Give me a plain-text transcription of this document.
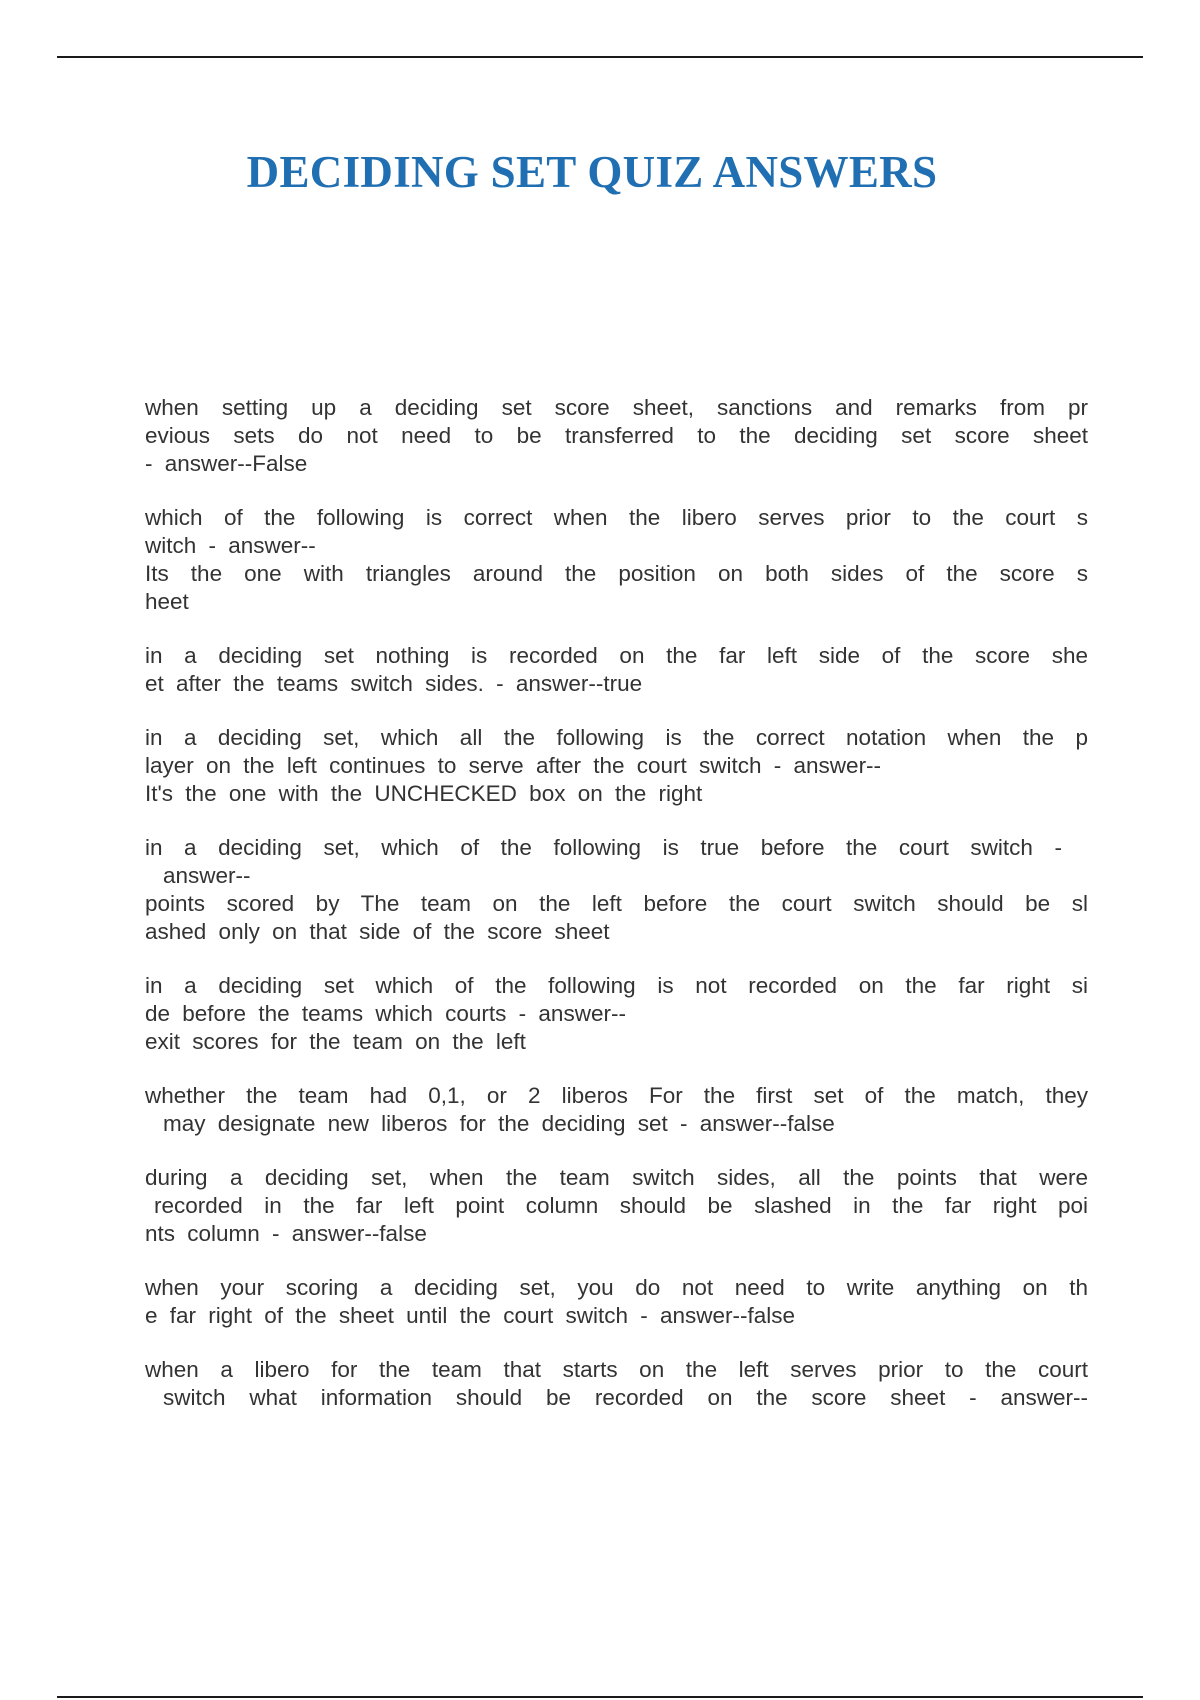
DECIDING SET QUIZ ANSWERS
when setting up a deciding set score sheet, sanctions and remarks from pr
evious sets do not need to be transferred to the deciding set score sheet
- answer--False
which of the following is correct when the libero serves prior to the court s
witch - answer--
Its the one with triangles around the position on both sides of the score s
heet
in a deciding set nothing is recorded on the far left side of the score she
et after the teams switch sides. - answer--true
in a deciding set, which all the following is the correct notation when the p
layer on the left continues to serve after the court switch - answer--
It's the one with the UNCHECKED box on the right
in a deciding set, which of the following is true before the court switch -
answer--
points scored by The team on the left before the court switch should be sl
ashed only on that side of the score sheet
in a deciding set which of the following is not recorded on the far right si
de before the teams which courts - answer--
exit scores for the team on the left
whether the team had 0,1, or 2 liberos For the first set of the match, they
may designate new liberos for the deciding set - answer--false
during a deciding set, when the team switch sides, all the points that were
recorded in the far left point column should be slashed in the far right poi
nts column - answer--false
when your scoring a deciding set, you do not need to write anything on th
e far right of the sheet until the court switch - answer--false
when a libero for the team that starts on the left serves prior to the court
switch what information should be recorded on the score sheet - answer--
